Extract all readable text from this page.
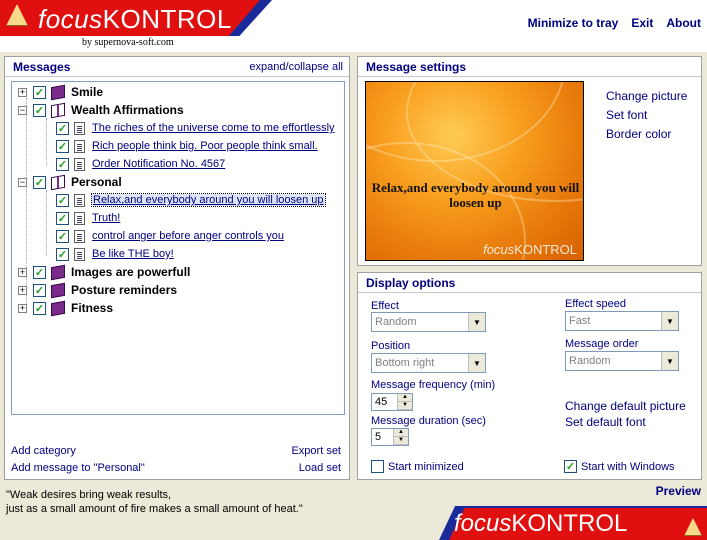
focusKONTROL
by supernova-soft.com
Minimize to tray Exit About
Messages	expand/collapse all
+ ✓ Smile
− ✓ Wealth Affirmations
✓ The riches of the universe come to me effortlessly
✓ Rich people think big. Poor people think small.
✓ Order Notification No. 4567
− ✓ Personal
✓ Relax,and everybody around you will loosen up
✓ Truth!
✓ control anger before anger controls you
✓ Be like THE boy!
+ ✓ Images are powerfull
+ ✓ Posture reminders
+ ✓ Fitness
Add category
Add message to "Personal"
Export set
Load set
Message settings
Relax,and everybody around you will loosen up
focusKONTROL
Change picture
Set font
Border color
Display options
Effect
Random	▼
Effect speed
Fast	▼
Position
Bottom right	▼
Message order
Random	▼
Message frequency (min)
45	▲
▼
Message duration (sec)
5	▲
▼
Change default picture
Set default font
Start minimized	✓ Start with Windows
"Weak desires bring weak results,
just as a small amount of fire makes a small amount of heat."
Preview
focusKONTROL
